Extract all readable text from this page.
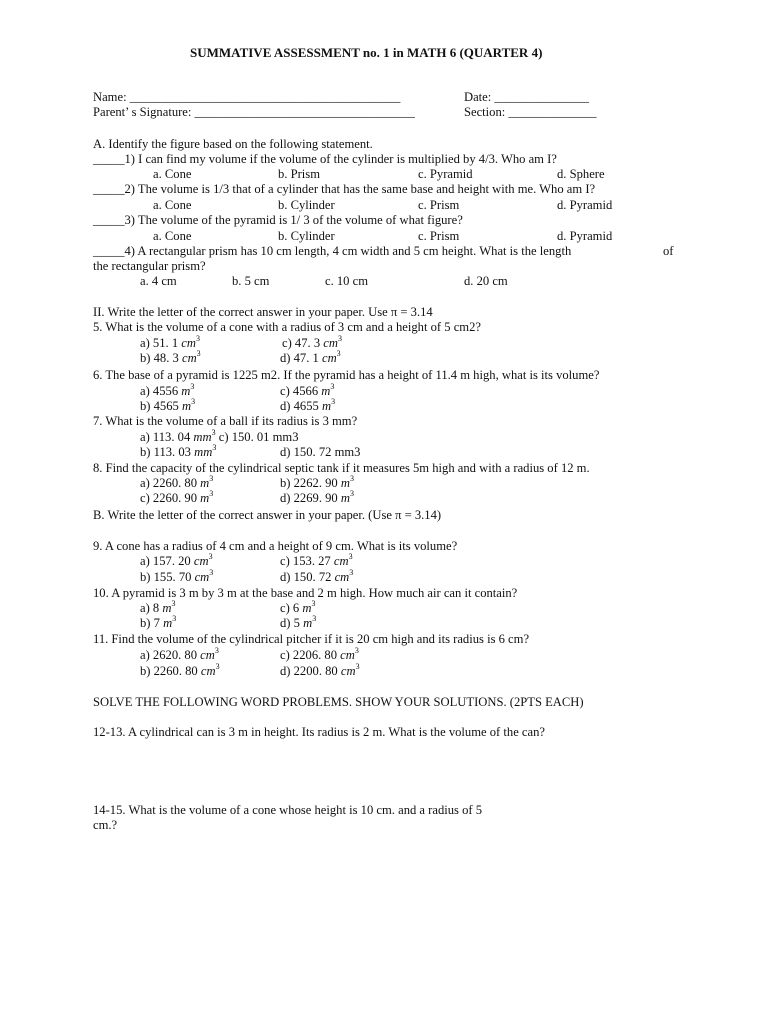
SUMMATIVE ASSESSMENT no. 1 in MATH 6 (QUARTER 4)
Name: ___________________________________________	Date: _______________
Parent’ s Signature: ___________________________________	Section: ______________
A. Identify the figure based on the following statement.
_____1) I can find my volume if the volume of the cylinder is multiplied by 4/3. Who am I?
a. Cone	b. Prism	c. Pyramid	d. Sphere
_____2) The volume is 1/3 that of a cylinder that has the same base and height with me. Who am I?
a. Cone	b. Cylinder	c. Prism	d. Pyramid
_____3) The volume of the pyramid is 1/ 3 of the volume of what figure?
a. Cone	b. Cylinder	c. Prism	d. Pyramid
_____4) A rectangular prism has 10 cm length, 4 cm width and 5 cm height. What is the length	of
the rectangular prism?
a. 4 cm	b. 5 cm	c. 10 cm	d. 20 cm
II. Write the letter of the correct answer in your paper. Use π = 3.14
5. What is the volume of a cone with a radius of 3 cm and a height of 5 cm2?
a) 51. 1 $cm^3$	c) 47. 3 $cm^3$
b) 48. 3 $cm^3$	d) 47. 1 $cm^3$
6. The base of a pyramid is 1225 m2. If the pyramid has a height of 11.4 m high, what is its volume?
a) 4556 $m^3$	c) 4566 $m^3$
b) 4565 $m^3$	d) 4655 $m^3$
7. What is the volume of a ball if its radius is 3 mm?
a) 113. 04 $mm^3$ c) 150. 01 mm3
b) 113. 03 $mm^3$	d) 150. 72 mm3
8. Find the capacity of the cylindrical septic tank if it measures 5m high and with a radius of 12 m.
a) 2260. 80 $m^3$	b) 2262. 90 $m^3$
c) 2260. 90 $m^3$	d) 2269. 90 $m^3$
B. Write the letter of the correct answer in your paper. (Use π = 3.14)
9. A cone has a radius of 4 cm and a height of 9 cm. What is its volume?
a) 157. 20 $cm^3$	c) 153. 27 $cm^3$
b) 155. 70 $cm^3$	d) 150. 72 $cm^3$
10. A pyramid is 3 m by 3 m at the base and 2 m high. How much air can it contain?
a) 8 $m^3$	c) 6 $m^3$
b) 7 $m^3$	d) 5 $m^3$
11. Find the volume of the cylindrical pitcher if it is 20 cm high and its radius is 6 cm?
a) 2620. 80 $cm^3$	c) 2206. 80 $cm^3$
b) 2260. 80 $cm^3$	d) 2200. 80 $cm^3$
SOLVE THE FOLLOWING WORD PROBLEMS. SHOW YOUR SOLUTIONS. (2PTS EACH)
12-13. A cylindrical can is 3 m in height. Its radius is 2 m. What is the volume of the can?
14-15. What is the volume of a cone whose height is 10 cm. and a radius of 5
cm.?
